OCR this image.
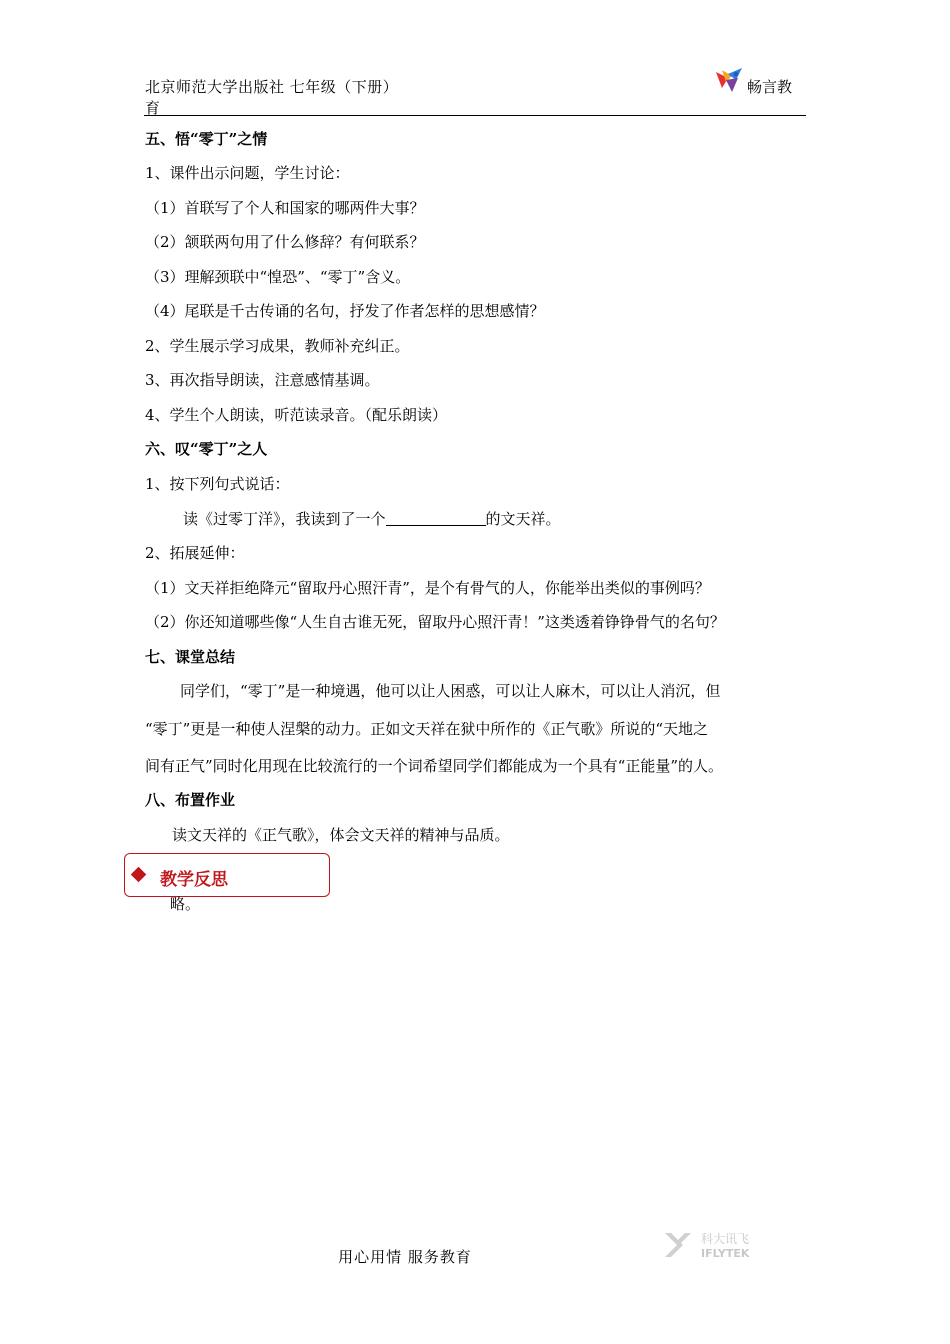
北京师范大学出版社 七年级（下册）
育
畅言教
五、悟“零丁”之情
1、课件出示问题，学生讨论：
（1）首联写了个人和国家的哪两件大事？
（2）颔联两句用了什么修辞？有何联系？
（3）理解颈联中“惶恐”、“零丁”含义。
（4）尾联是千古传诵的名句，抒发了作者怎样的思想感情？
2、学生展示学习成果，教师补充纠正。
3、再次指导朗读，注意感情基调。
4、学生个人朗读，听范读录音。（配乐朗读）
六、叹“零丁”之人
1、按下列句式说话：
读《过零丁洋》，我读到了一个	的文天祥。
2、拓展延伸：
（1）文天祥拒绝降元“留取丹心照汗青”，是个有骨气的人，你能举出类似的事例吗？
（2）你还知道哪些像“人生自古谁无死，留取丹心照汗青！”这类透着铮铮骨气的名句？
七、课堂总结
同学们，“零丁”是一种境遇，他可以让人困惑，可以让人麻木，可以让人消沉，但
“零丁”更是一种使人涅槃的动力。正如文天祥在狱中所作的《正气歌》所说的“天地之
间有正气”同时化用现在比较流行的一个词希望同学们都能成为一个具有“正能量”的人。
八、布置作业
读文天祥的《正气歌》，体会文天祥的精神与品质。
教学反思
略。
用心用情 服务教育
科大讯飞
IFLYTEK
